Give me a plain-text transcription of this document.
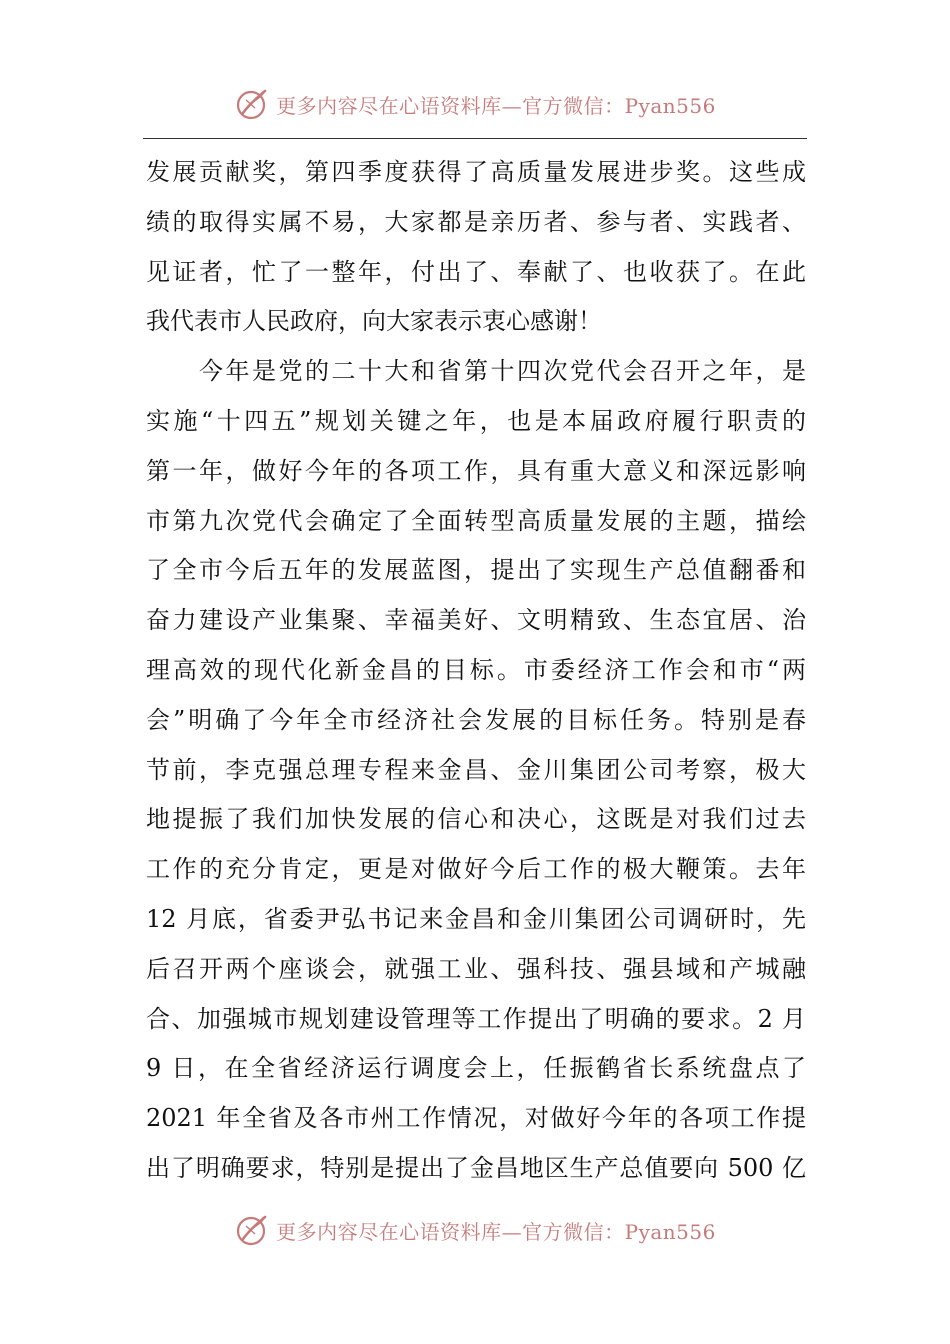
更多内容尽在心语资料库—官方微信：Pyan556
发展贡献奖，第四季度获得了高质量发展进步奖。这些成
绩的取得实属不易，大家都是亲历者、参与者、实践者、
见证者，忙了一整年，付出了、奉献了、也收获了。在此
我代表市人民政府，向大家表示衷心感谢！
　　今年是党的二十大和省第十四次党代会召开之年，是
实施“十四五”规划关键之年，也是本届政府履行职责的
第一年，做好今年的各项工作，具有重大意义和深远影响
市第九次党代会确定了全面转型高质量发展的主题，描绘
了全市今后五年的发展蓝图，提出了实现生产总值翻番和
奋力建设产业集聚、幸福美好、文明精致、生态宜居、治
理高效的现代化新金昌的目标。市委经济工作会和市“两
会”明确了今年全市经济社会发展的目标任务。特别是春
节前，李克强总理专程来金昌、金川集团公司考察，极大
地提振了我们加快发展的信心和决心，这既是对我们过去
工作的充分肯定，更是对做好今后工作的极大鞭策。去年
12 月底，省委尹弘书记来金昌和金川集团公司调研时，先
后召开两个座谈会，就强工业、强科技、强县域和产城融
合、加强城市规划建设管理等工作提出了明确的要求。2 月
9 日，在全省经济运行调度会上，任振鹤省长系统盘点了
2021 年全省及各市州工作情况，对做好今年的各项工作提
出了明确要求，特别是提出了金昌地区生产总值要向 500 亿
更多内容尽在心语资料库—官方微信：Pyan556
